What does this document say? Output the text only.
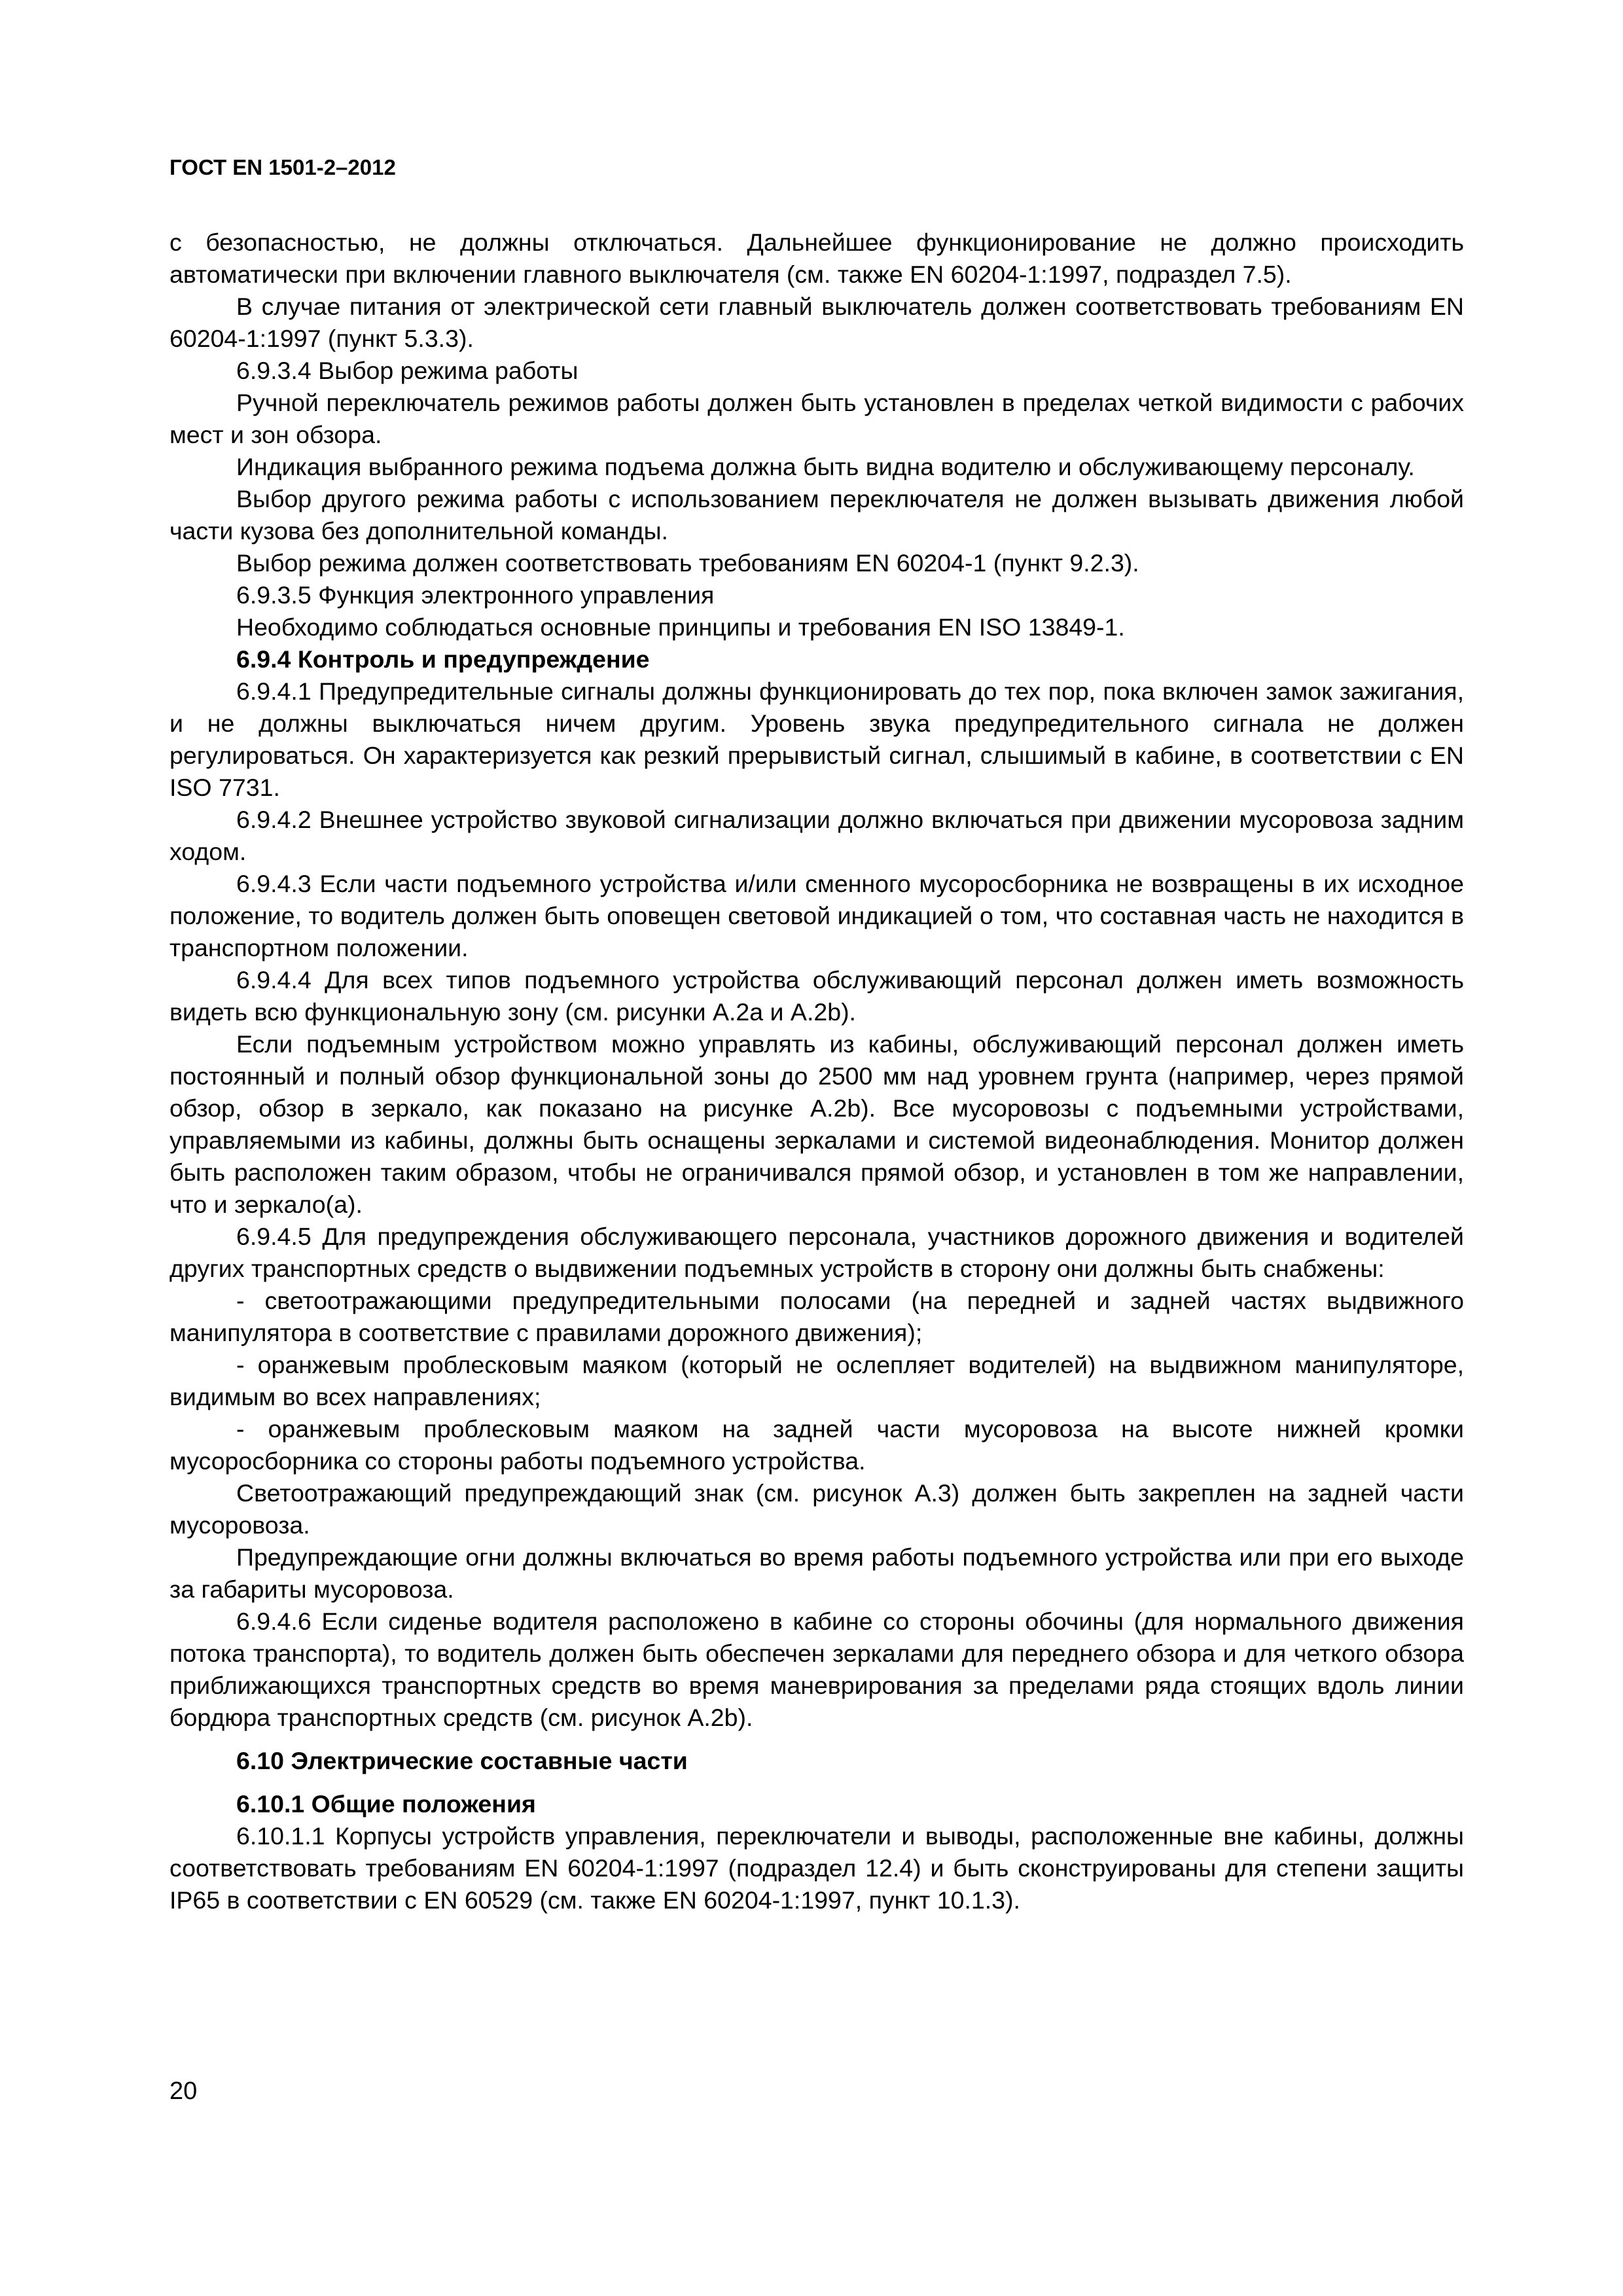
ГОСТ EN 1501-2–2012

с безопасностью, не должны отключаться. Дальнейшее функционирование не должно происходить автоматически при включении главного выключателя (см. также EN 60204-1:1997, подраздел 7.5).

В случае питания от электрической сети главный выключатель должен соответствовать требованиям EN 60204-1:1997 (пункт 5.3.3).

6.9.3.4 Выбор режима работы

Ручной переключатель режимов работы должен быть установлен в пределах четкой видимости с рабочих мест и зон обзора.

Индикация выбранного режима подъема должна быть видна водителю и обслуживающему персоналу.

Выбор другого режима работы с использованием переключателя не должен вызывать движения любой части кузова без дополнительной команды.

Выбор режима должен соответствовать требованиям EN 60204-1 (пункт 9.2.3).

6.9.3.5 Функция электронного управления

Необходимо соблюдаться основные принципы и требования EN ISO 13849-1.

6.9.4 Контроль и предупреждение

6.9.4.1 Предупредительные сигналы должны функционировать до тех пор, пока включен замок зажигания, и не должны выключаться ничем другим. Уровень звука предупредительного сигнала не должен регулироваться. Он характеризуется как резкий прерывистый сигнал, слышимый в кабине, в соответствии с EN ISO 7731.

6.9.4.2 Внешнее устройство звуковой сигнализации должно включаться при движении мусоровоза задним ходом.

6.9.4.3 Если части подъемного устройства и/или сменного мусоросборника не возвращены в их исходное положение, то водитель должен быть оповещен световой индикацией о том, что составная часть не находится в транспортном положении.

6.9.4.4 Для всех типов подъемного устройства обслуживающий персонал должен иметь возможность видеть всю функциональную зону (см. рисунки А.2a и А.2b).

Если подъемным устройством можно управлять из кабины, обслуживающий персонал должен иметь постоянный и полный обзор функциональной зоны до 2500 мм над уровнем грунта (например, через прямой обзор, обзор в зеркало, как показано на рисунке А.2b). Все мусоровозы с подъемными устройствами, управляемыми из кабины, должны быть оснащены зеркалами и системой видеонаблюдения. Монитор должен быть расположен таким образом, чтобы не ограничивался прямой обзор, и установлен в том же направлении, что и зеркало(а).

6.9.4.5 Для предупреждения обслуживающего персонала, участников дорожного движения и водителей других транспортных средств о выдвижении подъемных устройств в сторону они должны быть снабжены:

- светоотражающими предупредительными полосами (на передней и задней частях выдвижного манипулятора в соответствие с правилами дорожного движения);

- оранжевым проблесковым маяком (который не ослепляет водителей) на выдвижном манипуляторе, видимым во всех направлениях;

- оранжевым проблесковым маяком на задней части мусоровоза на высоте нижней кромки мусоросборника со стороны работы подъемного устройства.

Светоотражающий предупреждающий знак (см. рисунок А.3) должен быть закреплен на задней части мусоровоза.

Предупреждающие огни должны включаться во время работы подъемного устройства или при его выходе за габариты мусоровоза.

6.9.4.6 Если сиденье водителя расположено в кабине со стороны обочины (для нормального движения потока транспорта), то водитель должен быть обеспечен зеркалами для переднего обзора и для четкого обзора приближающихся транспортных средств во время маневрирования за пределами ряда стоящих вдоль линии бордюра транспортных средств (см. рисунок А.2b).

6.10 Электрические составные части

6.10.1 Общие положения

6.10.1.1 Корпусы устройств управления, переключатели и выводы, расположенные вне кабины, должны соответствовать требованиям EN 60204-1:1997 (подраздел 12.4) и быть сконструированы для степени защиты IP65 в соответствии с EN 60529 (см. также EN 60204-1:1997, пункт 10.1.3).

20
